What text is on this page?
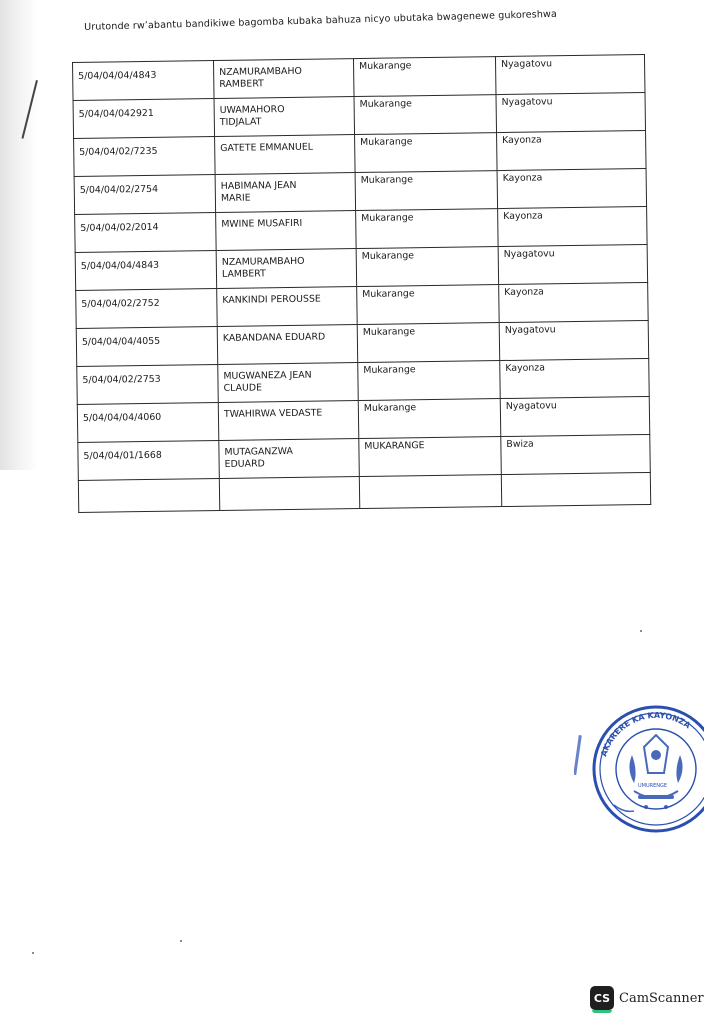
Urutonde rw’abantu bandikiwe bagomba kubaka bahuza nicyo ubutaka bwagenewe gukoreshwa
5/04/04/04/4843	NZAMURAMBAHO
RAMBERT	Mukarange	Nyagatovu
5/04/04/042921	UWAMAHORO
TIDJALAT	Mukarange	Nyagatovu
5/04/04/02/7235	GATETE EMMANUEL	Mukarange	Kayonza
5/04/04/02/2754	HABIMANA JEAN
MARIE	Mukarange	Kayonza
5/04/04/02/2014	MWINE MUSAFIRI	Mukarange	Kayonza
5/04/04/04/4843	NZAMURAMBAHO
LAMBERT	Mukarange	Nyagatovu
5/04/04/02/2752	KANKINDI PEROUSSE	Mukarange	Kayonza
5/04/04/04/4055	KABANDANA EDUARD	Mukarange	Nyagatovu
5/04/04/02/2753	MUGWANEZA JEAN
CLAUDE	Mukarange	Kayonza
5/04/04/04/4060	TWAHIRWA VEDASTE	Mukarange	Nyagatovu
5/04/04/01/1668	MUTAGANZWA
EDUARD	MUKARANGE	Bwiza

AKARERE KA KAYONZA
UMURENGE
CS CamScanner
